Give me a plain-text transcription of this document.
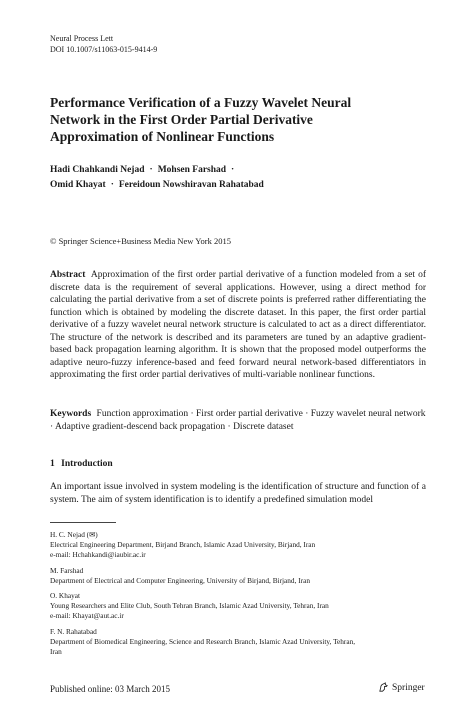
Neural Process Lett
DOI 10.1007/s11063-015-9414-9
Performance Verification of a Fuzzy Wavelet Neural
Network in the First Order Partial Derivative
Approximation of Nonlinear Functions
Hadi Chahkandi Nejad · Mohsen Farshad ·
Omid Khayat · Fereidoun Nowshiravan Rahatabad
© Springer Science+Business Media New York 2015
Abstract Approximation of the first order partial derivative of a function modeled from a set of discrete data is the requirement of several applications. However, using a direct method for calculating the partial derivative from a set of discrete points is preferred rather differentiating the function which is obtained by modeling the discrete dataset. In this paper, the first order partial derivative of a fuzzy wavelet neural network structure is calculated to act as a direct differentiator. The structure of the network is described and its parameters are tuned by an adaptive gradient-based back propagation learning algorithm. It is shown that the proposed model outperforms the adaptive neuro-fuzzy inference-based and feed forward neural network-based differentiators in approximating the first order partial derivatives of multi-variable nonlinear functions.
Keywords Function approximation · First order partial derivative · Fuzzy wavelet neural network · Adaptive gradient-descend back propagation · Discrete dataset
1 Introduction
An important issue involved in system modeling is the identification of structure and function of a system. The aim of system identification is to identify a predefined simulation model
H. C. Nejad (✉)
Electrical Engineering Department, Birjand Branch, Islamic Azad University, Birjand, Iran
e-mail: Hchahkandi@iaubir.ac.ir
M. Farshad
Department of Electrical and Computer Engineering, University of Birjand, Birjand, Iran
O. Khayat
Young Researchers and Elite Club, South Tehran Branch, Islamic Azad University, Tehran, Iran
e-mail: Khayat@aut.ac.ir
F. N. Rahatabad
Department of Biomedical Engineering, Science and Research Branch, Islamic Azad University, Tehran,
Iran
Published online: 03 March 2015	Springer
